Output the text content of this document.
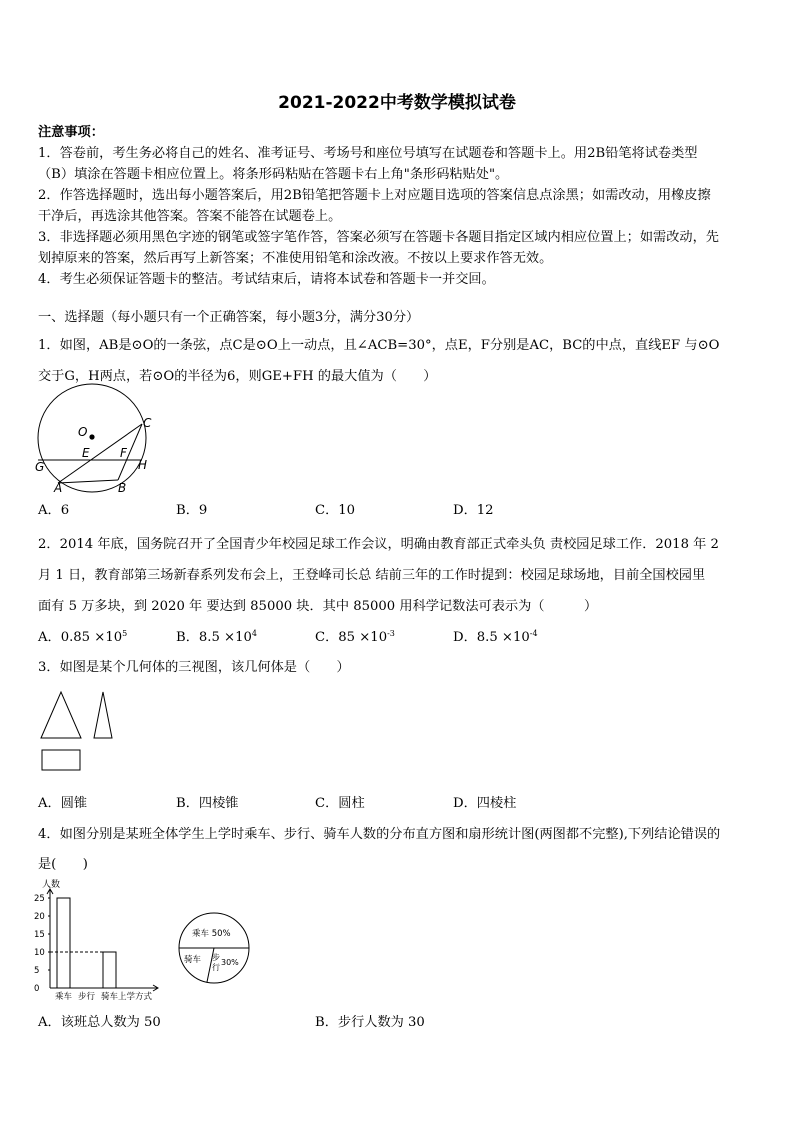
2021-2022中考数学模拟试卷
注意事项：
1．答卷前，考生务必将自己的姓名、准考证号、考场号和座位号填写在试题卷和答题卡上。用2B铅笔将试卷类型
（B）填涂在答题卡相应位置上。将条形码粘贴在答题卡右上角"条形码粘贴处"。
2．作答选择题时，选出每小题答案后，用2B铅笔把答题卡上对应题目选项的答案信息点涂黑；如需改动，用橡皮擦
干净后，再选涂其他答案。答案不能答在试题卷上。
3．非选择题必须用黑色字迹的钢笔或签字笔作答，答案必须写在答题卡各题目指定区域内相应位置上；如需改动，先
划掉原来的答案，然后再写上新答案；不准使用铅笔和涂改液。不按以上要求作答无效。
4．考生必须保证答题卡的整洁。考试结束后，请将本试卷和答题卡一并交回。
一、选择题（每小题只有一个正确答案，每小题3分，满分30分）
1．如图，AB是⊙O的一条弦，点C是⊙O上一动点，且∠ACB=30°，点E，F分别是AC，BC的中点，直线EF 与⊙O
交于G，H两点，若⊙O的半径为6，则GE+FH 的最大值为（　　）
O
C
E	F
G	H
A	B
A．6	B．9	C．10	D．12
2．2014 年底，国务院召开了全国青少年校园足球工作会议，明确由教育部正式牵头负 责校园足球工作．2018 年 2
月 1 日，教育部第三场新春系列发布会上，王登峰司长总 结前三年的工作时提到：校园足球场地，目前全国校园里
面有 5 万多块，到 2020 年 要达到 85000 块．其中 85000 用科学记数法可表示为（　　　）
A．$0.85 \times 10^5$	B．$8.5 \times 10^4$	C．$85 \times 10^{-3}$	D．$8.5 \times 10^{-4}$
3．如图是某个几何体的三视图，该几何体是（　　）
A．圆锥	B．四棱锥	C．圆柱	D．四棱柱
4．如图分别是某班全体学生上学时乘车、步行、骑车人数的分布直方图和扇形统计图(两图都不完整),下列结论错误的
是(　　)
人数
25
20
15
10
5
0
乘车 步行 骑车 上学方式
乘车 50%
骑车 步
行
30%
A．该班总人数为 50	B．步行人数为 30
